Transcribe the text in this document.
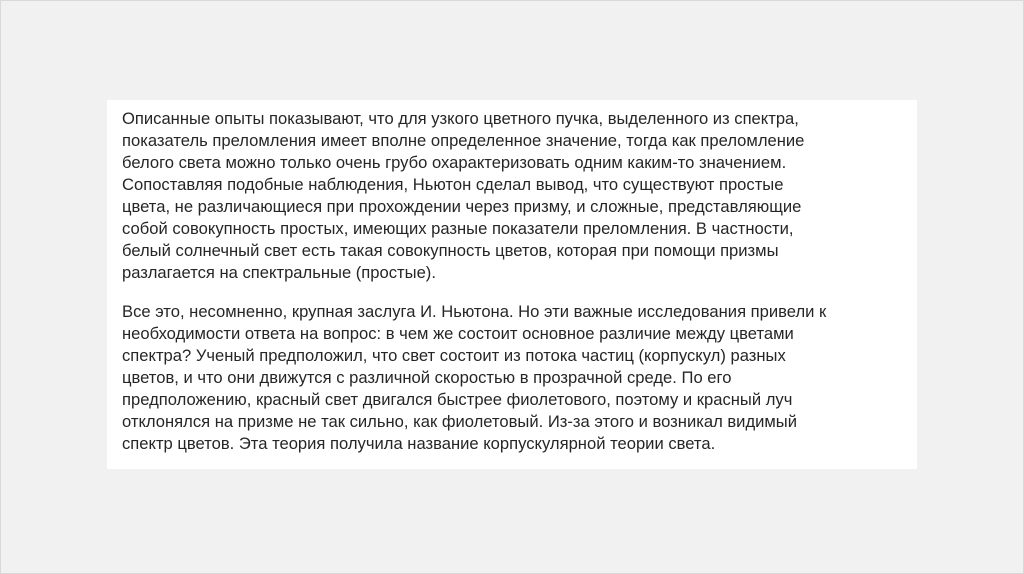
Описанные опыты показывают, что для узкого цветного пучка, выделенного из спектра,
показатель преломления имеет вполне определенное значение, тогда как преломление
белого света можно только очень грубо охарактеризовать одним каким-то значением.
Сопоставляя подобные наблюдения, Ньютон сделал вывод, что существуют простые
цвета, не различающиеся при прохождении через призму, и сложные, представляющие
собой совокупность простых, имеющих разные показатели преломления. В частности,
белый солнечный свет есть такая совокупность цветов, которая при помощи призмы
разлагается на спектральные (простые).
Все это, несомненно, крупная заслуга И. Ньютона. Но эти важные исследования привели к
необходимости ответа на вопрос: в чем же состоит основное различие между цветами
спектра? Ученый предположил, что свет состоит из потока частиц (корпускул) разных
цветов, и что они движутся с различной скоростью в прозрачной среде. По его
предположению, красный свет двигался быстрее фиолетового, поэтому и красный луч
отклонялся на призме не так сильно, как фиолетовый. Из-за этого и возникал видимый
спектр цветов. Эта теория получила название корпускулярной теории света.
